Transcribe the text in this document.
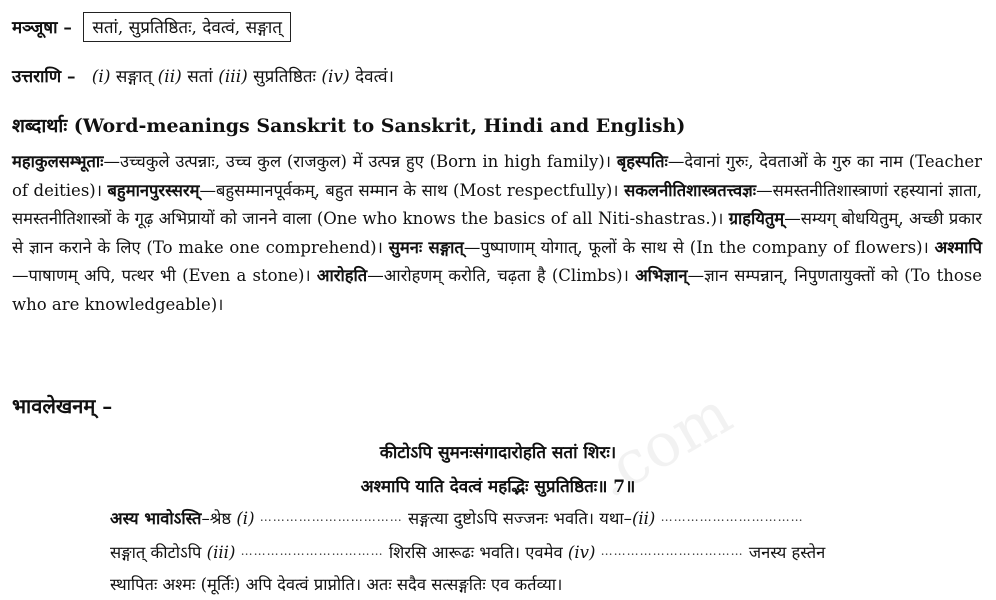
.com
मञ्जूषा – सतां, सुप्रतिष्ठितः, देवत्वं, सङ्गात्
उत्तराणि – (i) सङ्गात् (ii) सतां (iii) सुप्रतिष्ठितः (iv) देवत्वं।
शब्दार्थाः (Word-meanings Sanskrit to Sanskrit, Hindi and English)
महाकुलसम्भूताः—उच्चकुले उत्पन्नाः, उच्च कुल (राजकुल) में उत्पन्न हुए (Born in high family)। बृहस्पतिः—देवानां गुरुः, देवताओं के गुरु का नाम (Teacher of deities)। बहुमानपुरस्सरम्—बहुसम्मानपूर्वकम्, बहुत सम्मान के साथ (Most respectfully)। सकलनीतिशास्त्रतत्त्वज्ञः—समस्तनीतिशास्त्राणां रहस्यानां ज्ञाता, समस्तनीतिशास्त्रों के गूढ़ अभिप्रायों को जानने वाला (One who knows the basics of all Niti-shastras.)। ग्राहयितुम्—सम्यग् बोधयितुम्, अच्छी प्रकार से ज्ञान कराने के लिए (To make one comprehend)। सुमनः सङ्गात्—पुष्पाणाम् योगात्, फूलों के साथ से (In the company of flowers)। अश्मापि—पाषाणम् अपि, पत्थर भी (Even a stone)। आरोहति—आरोहणम् करोति, चढ़ता है (Climbs)। अभिज्ञान्—ज्ञान सम्पन्नान्, निपुणतायुक्तों को (To those who are knowledgeable)।
भावलेखनम् –
कीटोऽपि सुमनःसंगादारोहति सतां शिरः।
अश्मापि याति देवत्वं महद्भिः सुप्रतिष्ठितः॥ 7॥
अस्य भावोऽस्ति–श्रेष्ठ (i) …………………………… सङ्गत्या दुष्टोऽपि सज्जनः भवति। यथा–(ii) ……………………………
सङ्गात् कीटोऽपि (iii) …………………………… शिरसि आरूढः भवति। एवमेव (iv) …………………………… जनस्य हस्तेन
स्थापितः अश्मः (मूर्तिः) अपि देवत्वं प्राप्नोति। अतः सदैव सत्सङ्गतिः एव कर्तव्या।
